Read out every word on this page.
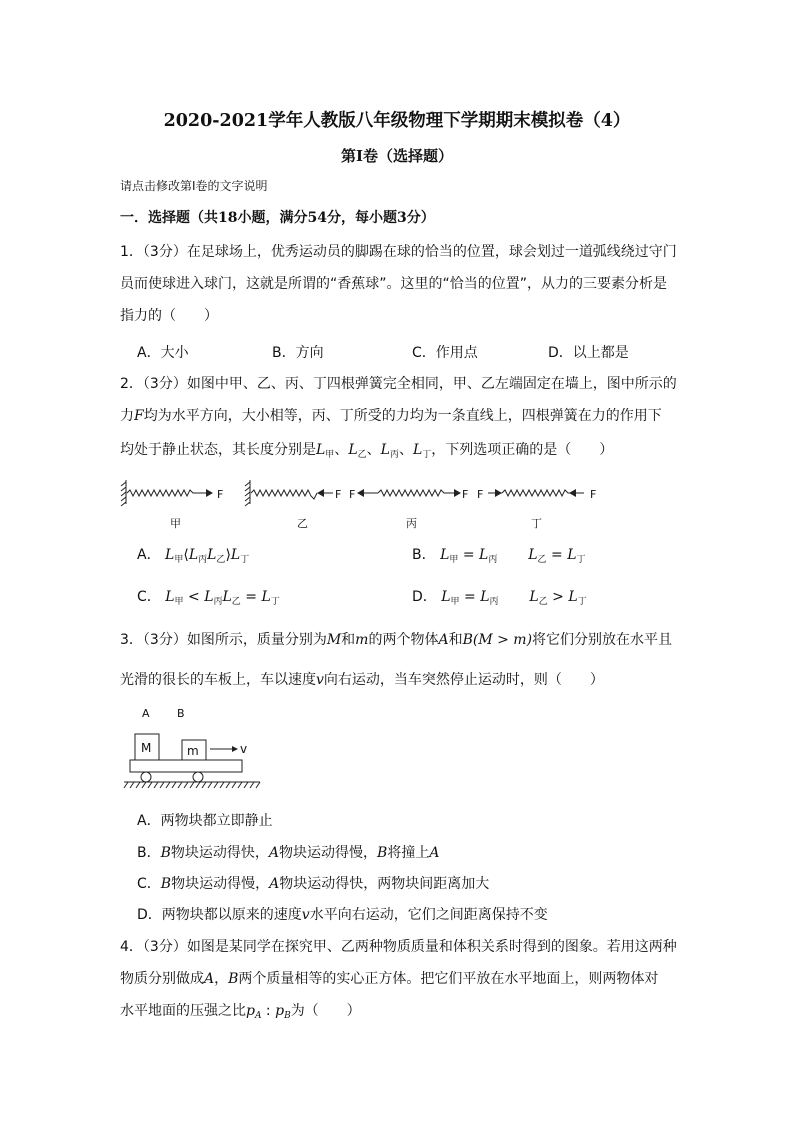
2020-2021学年人教版八年级物理下学期期末模拟卷（4）
第Ⅰ卷（选择题）
请点击修改第Ⅰ卷的文字说明
一．选择题（共18小题，满分54分，每小题3分）
1．（3分）在足球场上，优秀运动员的脚踢在球的恰当的位置，球会划过一道弧线绕过守门
员而使球进入球门，这就是所谓的“香蕉球”。这里的“恰当的位置”，从力的三要素分析是
指力的（　　）
A．大小	B．方向	C．作用点	D．以上都是
2．（3分）如图中甲、乙、丙、丁四根弹簧完全相同，甲、乙左端固定在墙上，图中所示的
力F均为水平方向，大小相等，丙、丁所受的力均为一条直线上，四根弹簧在力的作用下
均处于静止状态，其长度分别是$L_甲$、$L_乙$、$L_丙$、$L_丁$，下列选项正确的是（　　）
F	F F	F F	F
甲	乙	丙	丁
A． $L_甲⟨L_丙L_乙⟩L_丁$	B． $L_甲 = L_丙$ $L_乙 = L_丁$
C． $L_甲 < L_丙L_乙 = L_丁$	D． $L_甲 = L_丙$ $L_乙 > L_丁$
3．（3分）如图所示，质量分别为M和m的两个物体A和B(M > m)将它们分别放在水平且
光滑的很长的车板上，车以速度v向右运动，当车突然停止运动时，则（　　）
A B
M	m	v
A．两物块都立即静止
B．B物块运动得快，A物块运动得慢，B将撞上A
C．B物块运动得慢，A物块运动得快，两物块间距离加大
D．两物块都以原来的速度v水平向右运动，它们之间距离保持不变
4．（3分）如图是某同学在探究甲、乙两种物质质量和体积关系时得到的图象。若用这两种
物质分别做成A，B两个质量相等的实心正方体。把它们平放在水平地面上，则两物体对
水平地面的压强之比$p_A$ : $p_B$为（　　）
